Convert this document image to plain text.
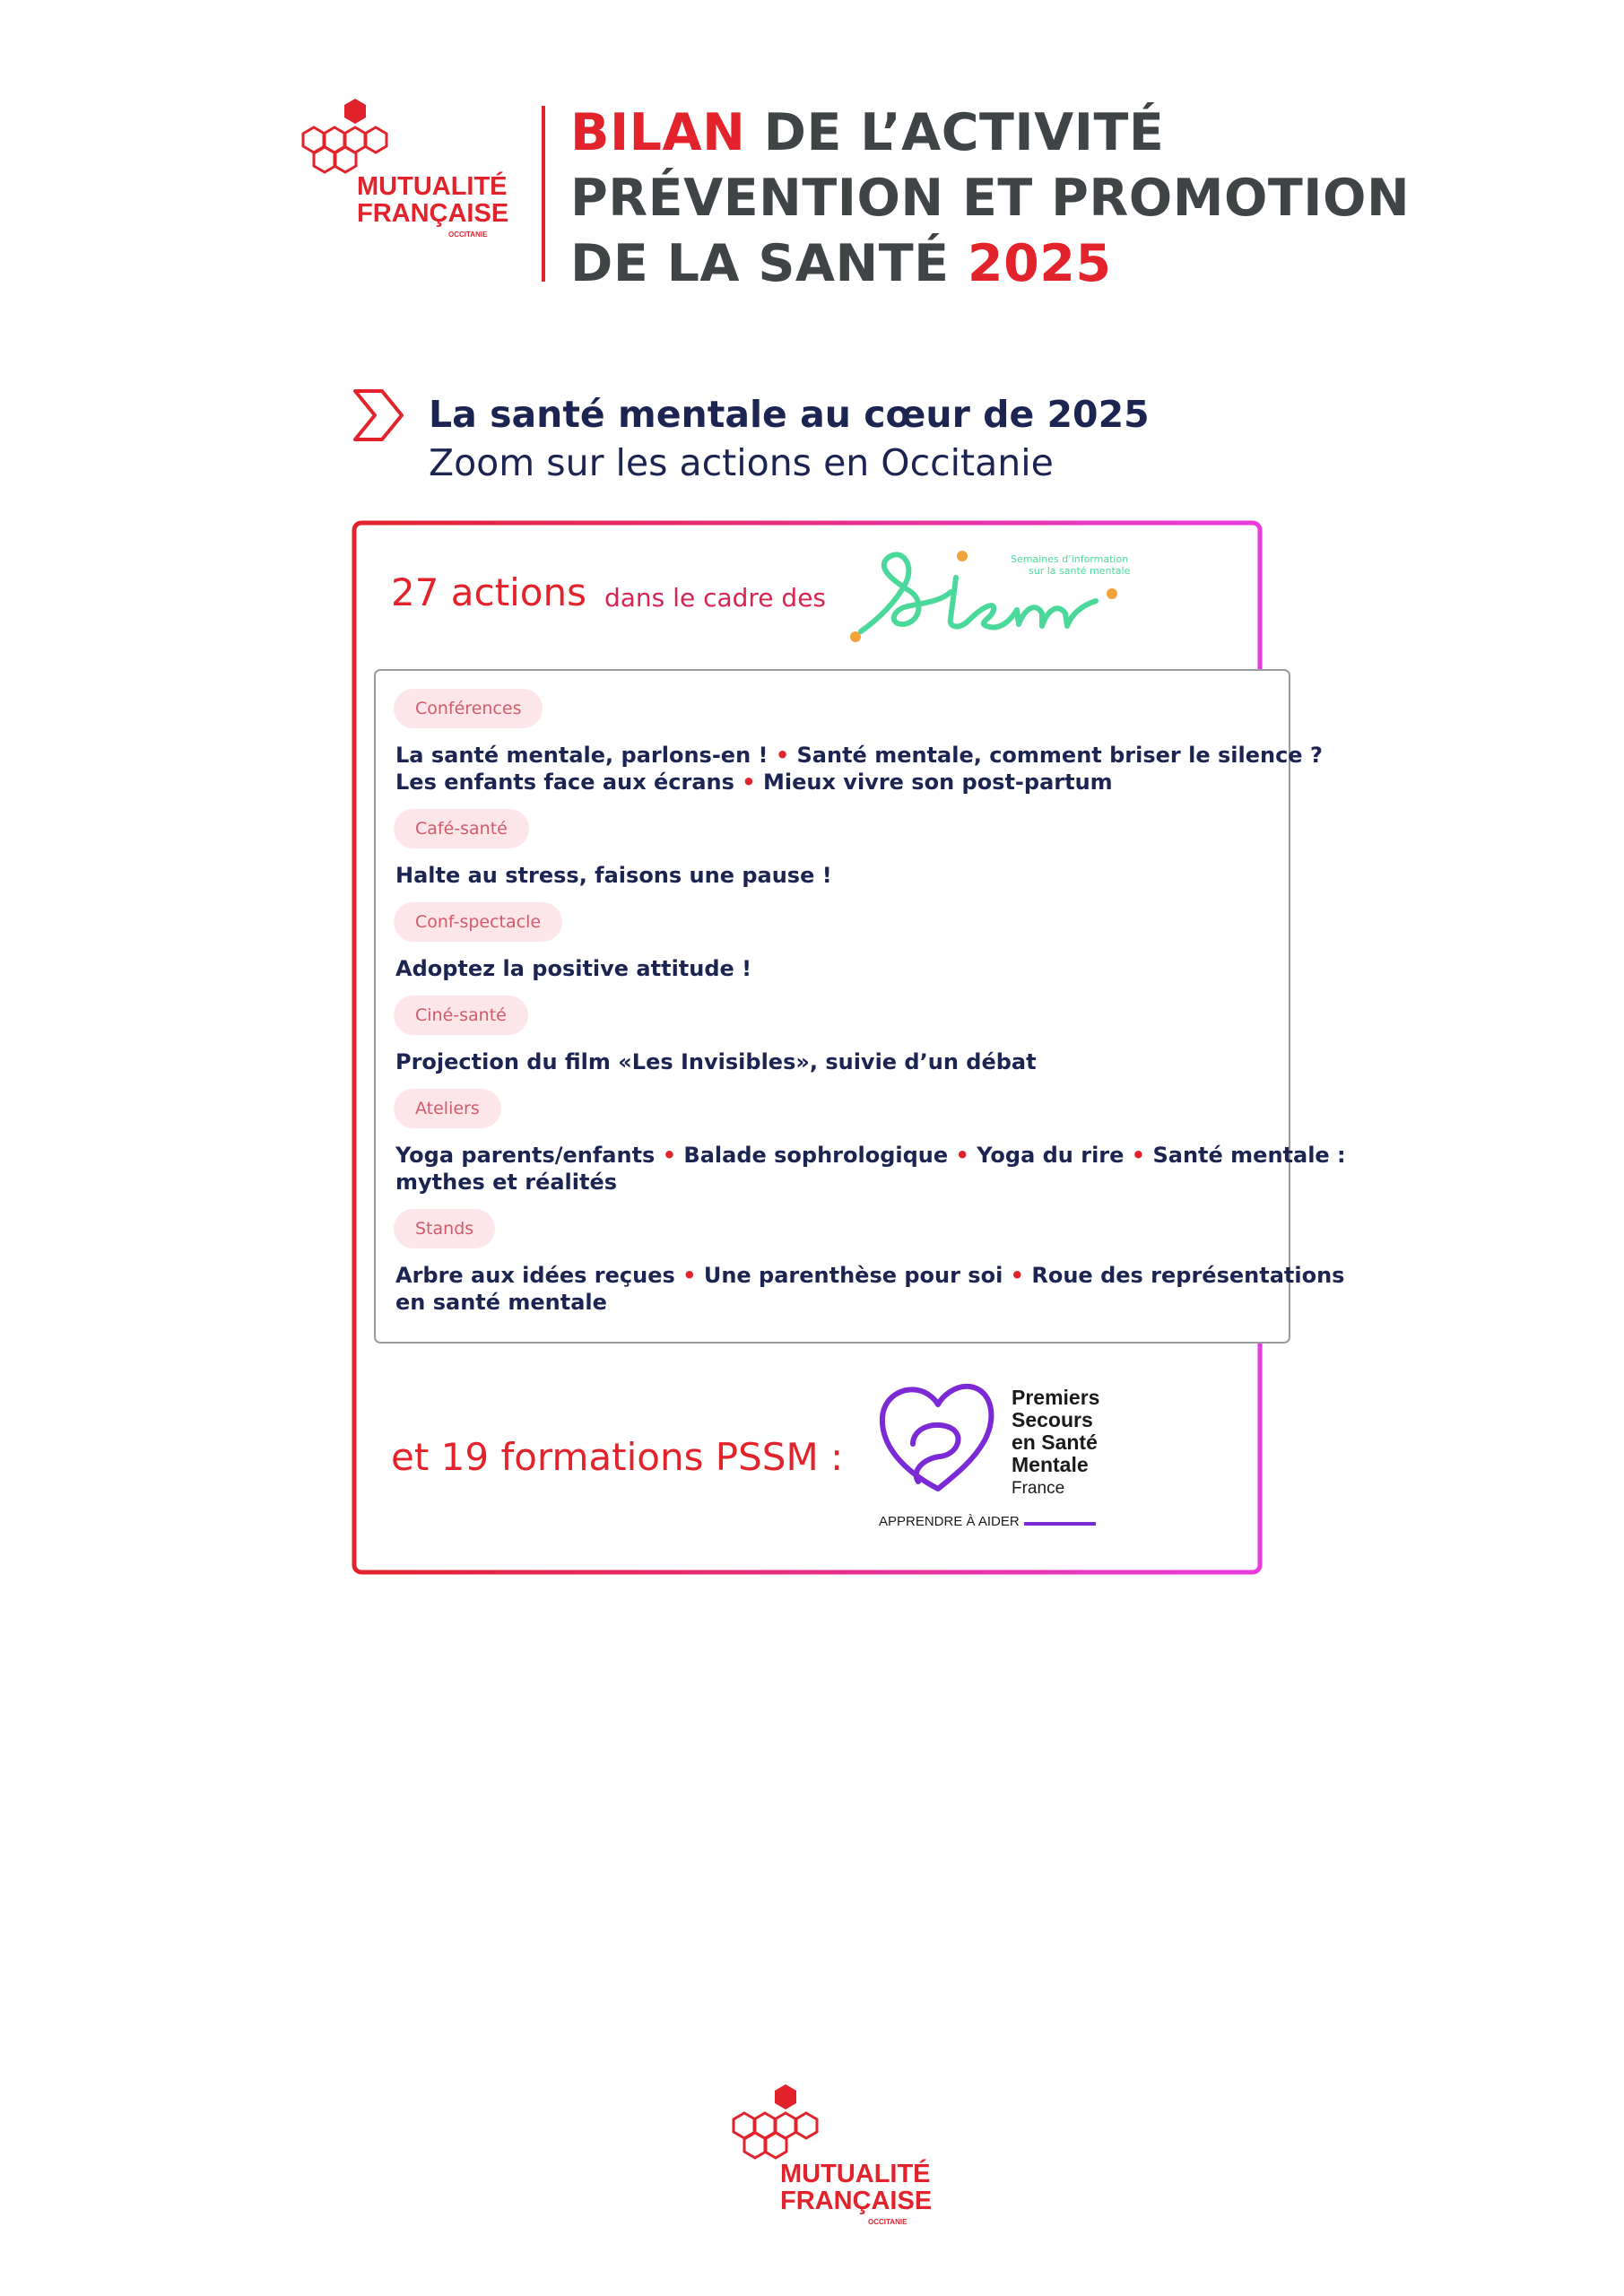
MUTUALITÉ
FRANÇAISE
OCCITANIE
BILAN DE L’ACTIVITÉ
PRÉVENTION ET PROMOTION
DE LA SANTÉ 2025
La santé mentale au cœur de 2025
Zoom sur les actions en Occitanie
27 actions dans le cadre des
Semaines d’information
sur la santé mentale
Conférences
La santé mentale, parlons-en ! • Santé mentale, comment briser le silence ?
Les enfants face aux écrans • Mieux vivre son post-partum
Café-santé
Halte au stress, faisons une pause !
Conf-spectacle
Adoptez la positive attitude !
Ciné-santé
Projection du film «Les Invisibles», suivie d’un débat
Ateliers
Yoga parents/enfants • Balade sophrologique • Yoga du rire • Santé mentale :
mythes et réalités
Stands
Arbre aux idées reçues • Une parenthèse pour soi • Roue des représentations
en santé mentale
et 19 formations PSSM :
Premiers
Secours
en Santé
Mentale
France
APPRENDRE À AIDER
MUTUALITÉ
FRANÇAISE
OCCITANIE
